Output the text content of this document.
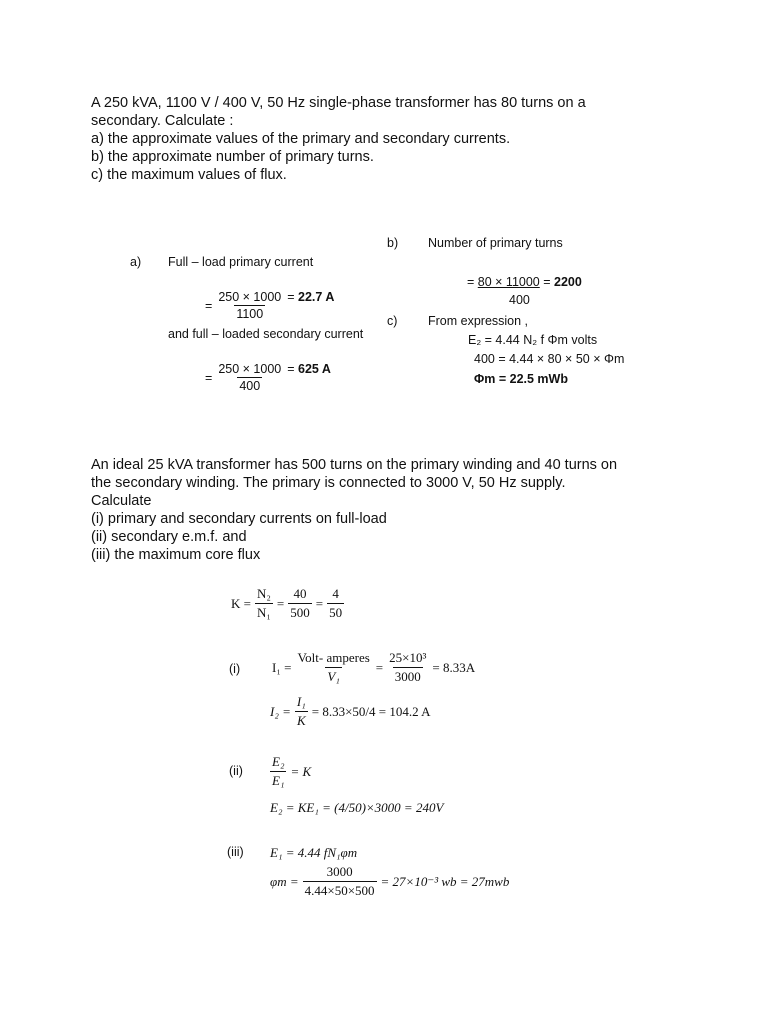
A 250 kVA, 1100 V / 400 V, 50 Hz single-phase transformer has 80 turns on a secondary. Calculate :
a) the approximate values of the primary and secondary currents.
b) the approximate number of primary turns.
c) the maximum values of flux.
a) Full – load primary current
= $\frac{250 \times 1000}{1100} = 22.7$ A
and full – loaded secondary current
= $\frac{250 \times 1000}{400} = 625$ A
b) Number of primary turns
= 80 × 11000 = 2200
400
c) From expression ,
E₂ = 4.44 N₂ f Φm volts
400 = 4.44 × 80 × 50 × Φm
Φm = 22.5 mWb
An ideal 25 kVA transformer has 500 turns on the primary winding and 40 turns on
the secondary winding. The primary is connected to 3000 V, 50 Hz supply.
Calculate
(i) primary and secondary currents on full-load
(ii) secondary e.m.f. and
(iii) the maximum core flux
$K = \frac{\text{N₂}}{\text{N₁}} = \frac{40}{500} = \frac{4}{50}$
(i) $I_1 = \frac{\text{Volt- amperes}}{\text{V₁}} = \frac{\text{25×10³}}{3000} = 8.33A$
$I_2 = \frac{\text{I₁}}{K} = 8.33\times 50/4 = 104.2$ A
$(ii) \frac{\text{E₂}}{\text{E₁}} = K$
E₂ = KE₁ = (4/50)×3000 = 240V
(iii) E₁ = 4.44 fN₁φm
$\varphi m = \frac{3000}{4.44\times 50\times 500} = 27\times 10^{-3}$ wb = 27mwb
